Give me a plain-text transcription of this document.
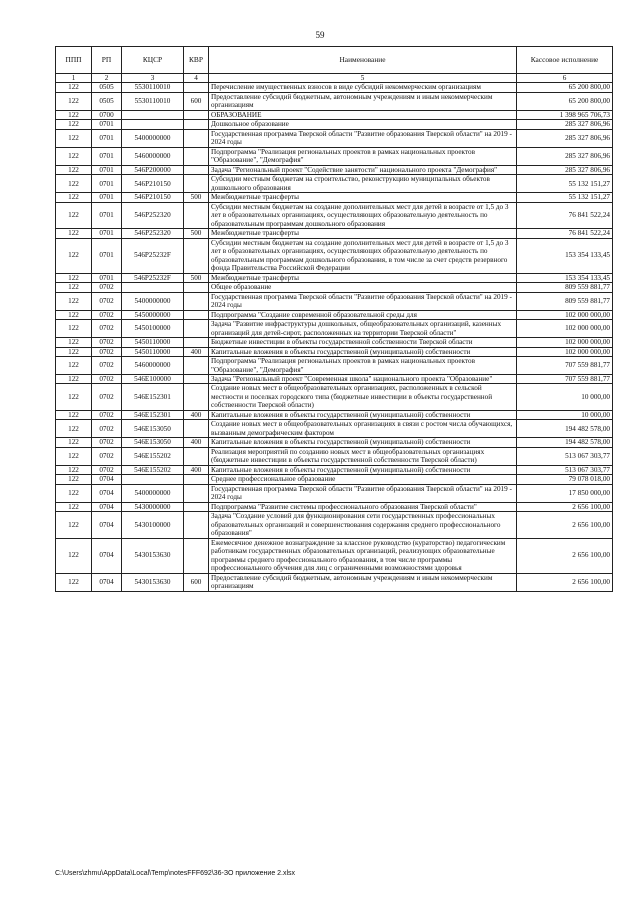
59
ППП	РП	КЦСР	КВР	Наименование	Кассовое исполнение
1	2	3	4	5	6
122	0505	5530110010		Перечисление имущественных взносов в виде субсидий некоммерческим организациям	65 200 800,00
122	0505	5530110010	600	Предоставление субсидий бюджетным, автономным учреждениям и иным некоммерческим организациям	65 200 800,00
122	0700			ОБРАЗОВАНИЕ	1 398 965 706,73
122	0701			Дошкольное образование	285 327 806,96
122	0701	5400000000		Государственная программа Тверской области "Развитие образования Тверской области" на 2019 - 2024 годы	285 327 806,96
122	0701	5460000000		Подпрограмма "Реализация региональных проектов в рамках национальных проектов "Образование", "Демография"	285 327 806,96
122	0701	546P200000		Задача "Региональный проект "Содействие занятости" национального проекта "Демография"	285 327 806,96
122	0701	546P210150		Субсидии местным бюджетам на строительство, реконструкцию муниципальных объектов дошкольного образования	55 132 151,27
122	0701	546P210150	500	Межбюджетные трансферты	55 132 151,27
122	0701	546P252320		Субсидии местным бюджетам на создание дополнительных мест для детей в возрасте от 1,5 до 3 лет в образовательных организациях, осуществляющих образовательную деятельность по образовательным программам дошкольного образования	76 841 522,24
122	0701	546P252320	500	Межбюджетные трансферты	76 841 522,24
122	0701	546P25232F		Субсидии местным бюджетам на создание дополнительных мест для детей в возрасте от 1,5 до 3 лет в образовательных организациях, осуществляющих образовательную деятельность по образовательным программам дошкольного образования, в том числе за счет средств резервного фонда Правительства Российской Федерации	153 354 133,45
122	0701	546P25232F	500	Межбюджетные трансферты	153 354 133,45
122	0702			Общее образование	809 559 881,77
122	0702	5400000000		Государственная программа Тверской области "Развитие образования Тверской области" на 2019 - 2024 годы	809 559 881,77
122	0702	5450000000		Подпрограмма "Создание современной образовательной среды для	102 000 000,00
122	0702	5450100000		Задача "Развитие инфраструктуры дошкольных, общеобразовательных организаций, казенных организаций для детей-сирот, расположенных на территории Тверской области"	102 000 000,00
122	0702	5450110000		Бюджетные инвестиции в объекты государственной собственности Тверской области	102 000 000,00
122	0702	5450110000	400	Капитальные вложения в объекты государственной (муниципальной) собственности	102 000 000,00
122	0702	5460000000		Подпрограмма "Реализация региональных проектов в рамках национальных проектов "Образование", "Демография"	707 559 881,77
122	0702	546E100000		Задача "Региональный проект "Современная школа" национального проекта "Образование"	707 559 881,77
122	0702	546E152301		Создание новых мест в общеобразовательных организациях, расположенных в сельской местности и поселках городского типа (бюджетные инвестиции в объекты государственной собственности Тверской области)	10 000,00
122	0702	546E152301	400	Капитальные вложения в объекты государственной (муниципальной) собственности	10 000,00
122	0702	546E153050		Создание новых мест в общеобразовательных организациях в связи с ростом числа обучающихся, вызванным демографическим фактором	194 482 578,00
122	0702	546E153050	400	Капитальные вложения в объекты государственной (муниципальной) собственности	194 482 578,00
122	0702	546E155202		Реализация мероприятий по созданию новых мест в общеобразовательных организациях (бюджетные инвестиции в объекты государственной собственности Тверской области)	513 067 303,77
122	0702	546E155202	400	Капитальные вложения в объекты государственной (муниципальной) собственности	513 067 303,77
122	0704			Среднее профессиональное образование	79 078 018,00
122	0704	5400000000		Государственная программа Тверской области "Развитие образования Тверской области" на 2019 - 2024 годы	17 850 000,00
122	0704	5430000000		Подпрограмма "Развитие системы профессионального образования Тверской области"	2 656 100,00
122	0704	5430100000		Задача "Создание условий для функционирования сети государственных профессиональных образовательных организаций и совершенствования содержания среднего профессионального образования"	2 656 100,00
122	0704	5430153630		Ежемесячное денежное вознаграждение за классное руководство (кураторство) педагогическим работникам государственных образовательных организаций, реализующих образовательные программы среднего профессионального образования, в том числе программы профессионального обучения для лиц с ограниченными возможностями здоровья	2 656 100,00
122	0704	5430153630	600	Предоставление субсидий бюджетным, автономным учреждениям и иным некоммерческим организациям	2 656 100,00
C:\Users\zhmu\AppData\Local\Temp\notesFFF692\36-ЗО приложение 2.xlsx
